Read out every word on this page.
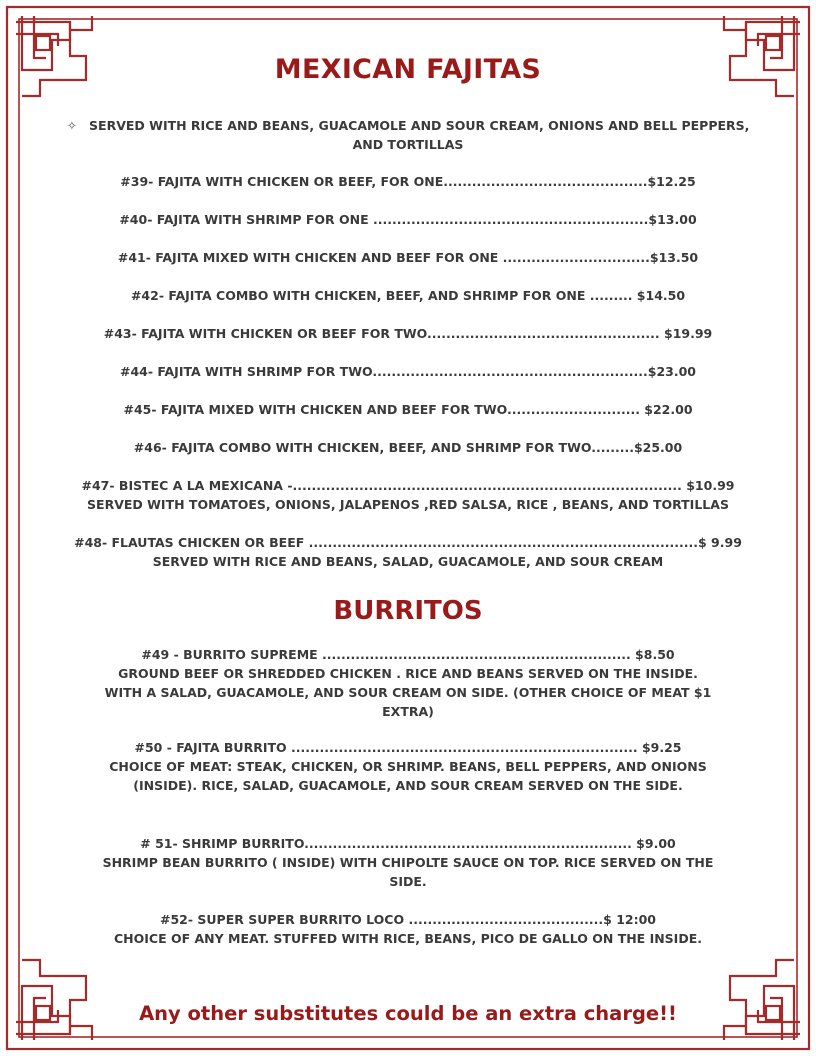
MEXICAN FAJITAS
✧ SERVED WITH RICE AND BEANS, GUACAMOLE AND SOUR CREAM, ONIONS AND BELL PEPPERS, AND TORTILLAS
#39- FAJITA WITH CHICKEN OR BEEF, FOR ONE...........................................$12.25
#40- FAJITA WITH SHRIMP FOR ONE ..........................................................$13.00
#41- FAJITA MIXED WITH CHICKEN AND BEEF FOR ONE ...............................$13.50
#42- FAJITA COMBO WITH CHICKEN, BEEF, AND SHRIMP FOR ONE ......... $14.50
#43- FAJITA WITH CHICKEN OR BEEF FOR TWO................................................. $19.99
#44- FAJITA WITH SHRIMP FOR TWO..........................................................$23.00
#45- FAJITA MIXED WITH CHICKEN AND BEEF FOR TWO............................ $22.00
#46- FAJITA COMBO WITH CHICKEN, BEEF, AND SHRIMP FOR TWO.........$25.00
#47- BISTEC A LA MEXICANA -.................................................................................. $10.99
SERVED WITH TOMATOES, ONIONS, JALAPENOS ,RED SALSA, RICE , BEANS, AND TORTILLAS
#48- FLAUTAS CHICKEN OR BEEF ..................................................................................$ 9.99
SERVED WITH RICE AND BEANS, SALAD, GUACAMOLE, AND SOUR CREAM
BURRITOS
#49 - BURRITO SUPREME ................................................................. $8.50
GROUND BEEF OR SHREDDED CHICKEN . RICE AND BEANS SERVED ON THE INSIDE. WITH A SALAD, GUACAMOLE, AND SOUR CREAM ON SIDE. (OTHER CHOICE OF MEAT $1 EXTRA)
#50 - FAJITA BURRITO ......................................................................... $9.25
CHOICE OF MEAT: STEAK, CHICKEN, OR SHRIMP. BEANS, BELL PEPPERS, AND ONIONS (INSIDE). RICE, SALAD, GUACAMOLE, AND SOUR CREAM SERVED ON THE SIDE.
# 51- SHRIMP BURRITO..................................................................... $9.00
SHRIMP BEAN BURRITO ( INSIDE) WITH CHIPOLTE SAUCE ON TOP. RICE SERVED ON THE SIDE.
#52- SUPER SUPER BURRITO LOCO .........................................$ 12:00
CHOICE OF ANY MEAT. STUFFED WITH RICE, BEANS, PICO DE GALLO ON THE INSIDE.
Any other substitutes could be an extra charge!!
